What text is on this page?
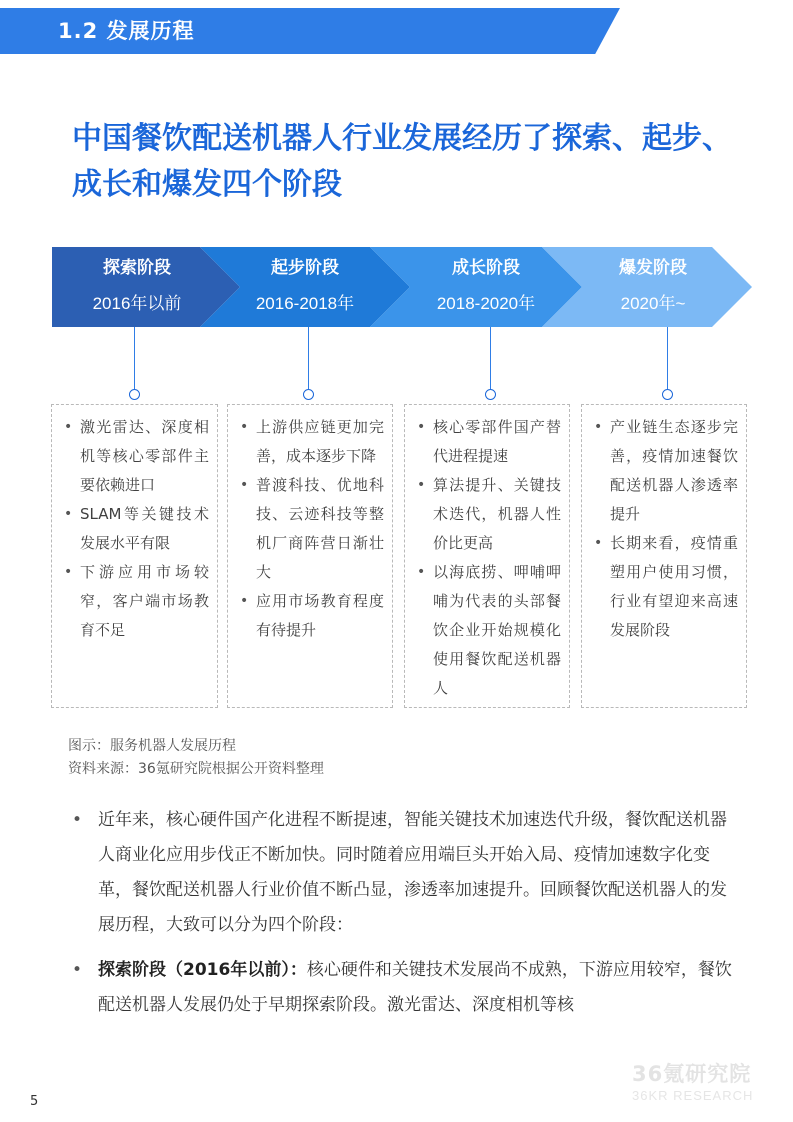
1.2 发展历程	36Kr
中国餐饮配送机器人行业发展经历了探索、起步、成长和爆发四个阶段
探索阶段
2016年以前
起步阶段
2016-2018年
成长阶段
2018-2020年
爆发阶段
2020年~
• 激光雷达、深度相机等核心零部件主要依赖进口
• SLAM等关键技术发展水平有限
• 下游应用市场较窄，客户端市场教育不足
• 上游供应链更加完善，成本逐步下降
• 普渡科技、优地科技、云迹科技等整机厂商阵营日渐壮大
• 应用市场教育程度有待提升
• 核心零部件国产替代进程提速
• 算法提升、关键技术迭代，机器人性价比更高
• 以海底捞、呷哺呷哺为代表的头部餐饮企业开始规模化使用餐饮配送机器人
• 产业链生态逐步完善，疫情加速餐饮配送机器人渗透率提升
• 长期来看，疫情重塑用户使用习惯，行业有望迎来高速发展阶段
图示：服务机器人发展历程
资料来源：36氪研究院根据公开资料整理
• 近年来，核心硬件国产化进程不断提速，智能关键技术加速迭代升级，餐饮配送机器人商业化应用步伐正不断加快。同时随着应用端巨头开始入局、疫情加速数字化变革，餐饮配送机器人行业价值不断凸显，渗透率加速提升。回顾餐饮配送机器人的发展历程，大致可以分为四个阶段：
• 探索阶段（2016年以前）：核心硬件和关键技术发展尚不成熟，下游应用较窄，餐饮配送机器人发展仍处于早期探索阶段。激光雷达、深度相机等核
36氪研究院
36KR RESEARCH
5
